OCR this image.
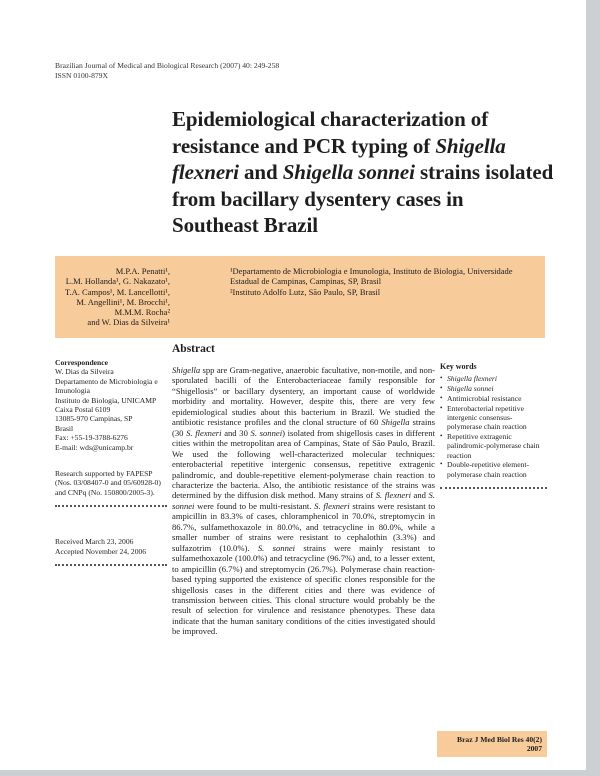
Brazilian Journal of Medical and Biological Research (2007) 40: 249-258
ISSN 0100-879X
Epidemiological characterization of resistance and PCR typing of Shigella flexneri and Shigella sonnei strains isolated from bacillary dysentery cases in Southeast Brazil
M.P.A. Penatti¹,
L.M. Hollanda¹, G. Nakazato¹,
T.A. Campos¹, M. Lancellotti¹,
M. Angellini¹, M. Brocchi¹,
M.M.M. Rocha²
and W. Dias da Silveira¹
¹Departamento de Microbiologia e Imunologia, Instituto de Biologia, Universidade Estadual de Campinas, Campinas, SP, Brasil
²Instituto Adolfo Lutz, São Paulo, SP, Brasil
Correspondence
W. Dias da Silveira
Departamento de Microbiologia e
Imunologia
Instituto de Biologia, UNICAMP
Caixa Postal 6109
13085-970 Campinas, SP
Brasil
Fax: +55-19-3788-6276
E-mail: wds@unicamp.br
Research supported by FAPESP (Nos. 03/08407-0 and 05/60928-0) and CNPq (No. 150800/2005-3).
Received March 23, 2006
Accepted November 24, 2006
Abstract

Shigella spp are Gram-negative, anaerobic facultative, non-motile, and non-sporulated bacilli of the Enterobacteriaceae family responsible for “Shigellosis” or bacillary dysentery, an important cause of worldwide morbidity and mortality. However, despite this, there are very few epidemiological studies about this bacterium in Brazil. We studied the antibiotic resistance profiles and the clonal structure of 60 Shigella strains (30 S. flexneri and 30 S. sonnei) isolated from shigellosis cases in different cities within the metropolitan area of Campinas, State of São Paulo, Brazil. We used the following well-characterized molecular techniques: enterobacterial repetitive intergenic consensus, repetitive extragenic palindromic, and double-repetitive element-polymerase chain reaction to characterize the bacteria. Also, the antibiotic resistance of the strains was determined by the diffusion disk method. Many strains of S. flexneri and S. sonnei were found to be multi-resistant. S. flexneri strains were resistant to ampicillin in 83.3% of cases, chloramphenicol in 70.0%, streptomycin in 86.7%, sulfamethoxazole in 80.0%, and tetracycline in 80.0%, while a smaller number of strains were resistant to cephalothin (3.3%) and sulfazotrim (10.0%). S. sonnei strains were mainly resistant to sulfamethoxazole (100.0%) and tetracycline (96.7%) and, to a lesser extent, to ampicillin (6.7%) and streptomycin (26.7%). Polymerase chain reaction-based typing supported the existence of specific clones responsible for the shigellosis cases in the different cities and there was evidence of transmission between cities. This clonal structure would probably be the result of selection for virulence and resistance phenotypes. These data indicate that the human sanitary conditions of the cities investigated should be improved.

Key words
• Shigella flexneri
• Shigella sonnei
• Antimicrobial resistance
• Enterobacterial repetitive intergenic consensus-polymerase chain reaction
• Repetitive extragenic palindromic-polymerase chain reaction
• Double-repetitive element-polymerase chain reaction
Braz J Med Biol Res 40(2) 2007
